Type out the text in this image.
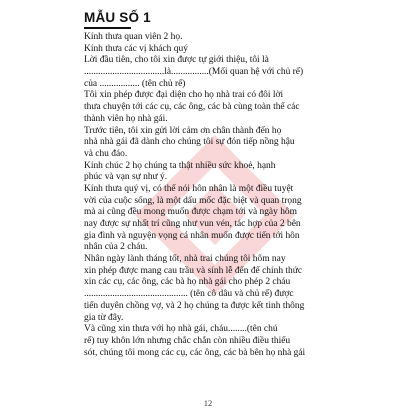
MẪU SỐ 1
Kính thưa quan viên 2 họ.
Kính thưa các vị khách quý
Lời đầu tiên, cho tôi xin được tự giới thiệu, tôi là
..................................là................(Mối quan hệ với chủ rể)
của ................. (tên chủ rể)
Tôi xin phép được đại diện cho họ nhà trai có đôi lời
thưa chuyện tới các cụ, các ông, các bà cùng toàn thể các
thành viên họ nhà gái.
Trước tiên, tôi xin gửi lời cảm ơn chân thành đến họ
nhà nhà gái đã dành cho chúng tôi sự đón tiếp nồng hậu
và chu đáo.
Kính chúc 2 họ chúng ta thật nhiều sức khoẻ, hạnh
phúc và vạn sự như ý.
Kính thưa quý vị, có thể nói hôn nhân là một điều tuyệt
vời của cuộc sống, là một dấu mốc đặc biệt và quan trọng
mà ai cũng đều mong muốn được chạm tới và ngày hôm
nay được sự nhất trí cũng như vun vén, tác hợp của 2 bên
gia đình và nguyện vọng cá nhân muốn được tiến tới hôn
nhân của 2 cháu.
Nhân ngày lành tháng tốt, nhà trai chúng tôi hôm nay
xin phép được mang cau trầu và sính lễ đến để chính thức
xin các cụ, các ông, các bà họ nhà gái cho phép 2 cháu
............................................ (tên cô dâu và chủ rể) được
tiến duyên chồng vợ, và 2 họ chúng ta được kết tình thông
gia từ đây.
Và cũng xin thưa với họ nhà gái, cháu........(tên chú
rể) tuy khôn lớn nhưng chắc chắn còn nhiều điều thiếu
sót, chúng tôi mong các cụ, các ông, các bà bên họ nhà gái
12
